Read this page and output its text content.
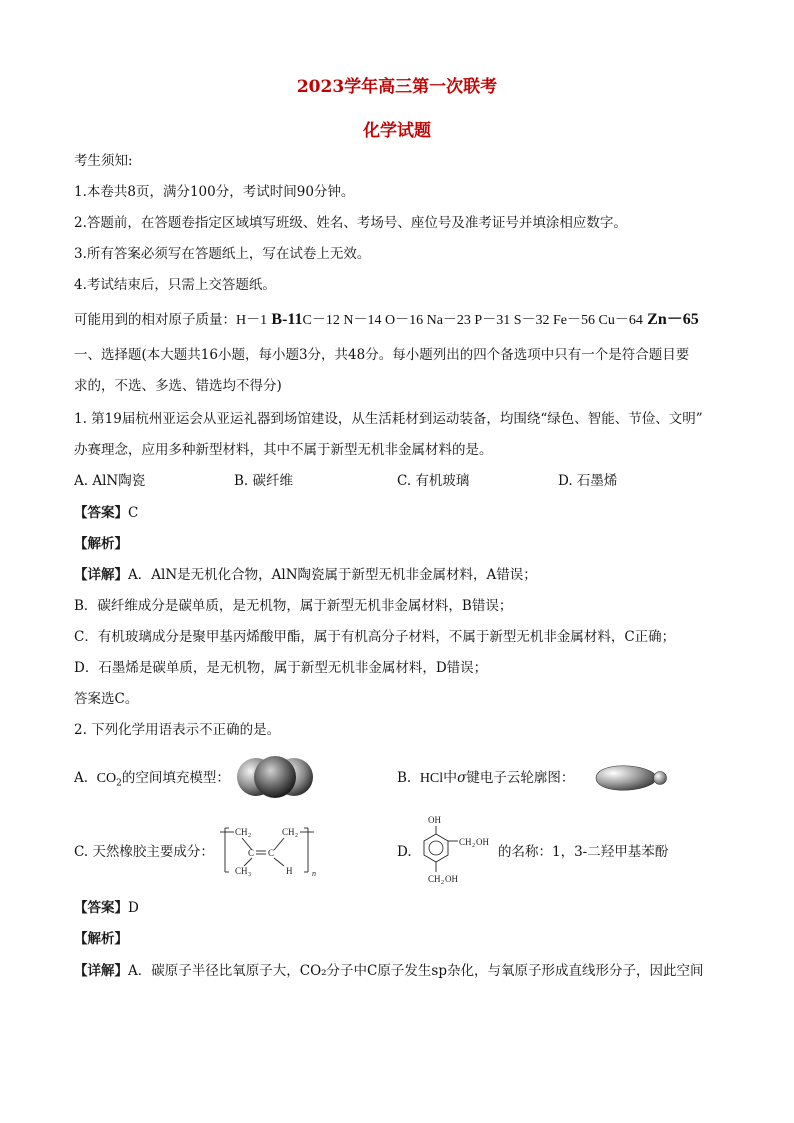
2023学年高三第一次联考
化学试题
考生须知:
1.本卷共8页，满分100分，考试时间90分钟。
2.答题前，在答题卷指定区域填写班级、姓名、考场号、座位号及准考证号并填涂相应数字。
3.所有答案必须写在答题纸上，写在试卷上无效。
4.考试结束后，只需上交答题纸。
可能用到的相对原子质量：H－1 B-11C－12 N－14 O－16 Na－23 P－31 S－32 Fe－56 Cu－64 Zn－65
一、选择题(本大题共16小题，每小题3分，共48分。每小题列出的四个备选项中只有一个是符合题目要
求的，不选、多选、错选均不得分)
1. 第19届杭州亚运会从亚运礼器到场馆建设，从生活耗材到运动装备，均围绕“绿色、智能、节俭、文明”
办赛理念，应用多种新型材料，其中不属于新型无机非金属材料的是。
A. AlN陶瓷	B. 碳纤维	C. 有机玻璃	D. 石墨烯
【答案】C
【解析】
【详解】A．AlN是无机化合物，AlN陶瓷属于新型无机非金属材料，A错误；
B．碳纤维成分是碳单质，是无机物，属于新型无机非金属材料，B错误；
C．有机玻璃成分是聚甲基丙烯酸甲酯，属于有机高分子材料，不属于新型无机非金属材料，C正确；
D．石墨烯是碳单质，是无机物，属于新型无机非金属材料，D错误；
答案选C。
2. 下列化学用语表示不正确的是。
A. $CO_2$的空间填充模型：	B. HCl中σ键电子云轮廓图：
C. 天然橡胶主要成分：
CH 2
C C
CH 3
CH 2
H n
D.
OH
CH 2 OH
CH 2 OH
的名称：1，3-二羟甲基苯酚
【答案】D
【解析】
【详解】A．碳原子半径比氧原子大，CO₂分子中C原子发生sp杂化，与氧原子形成直线形分子，因此空间
